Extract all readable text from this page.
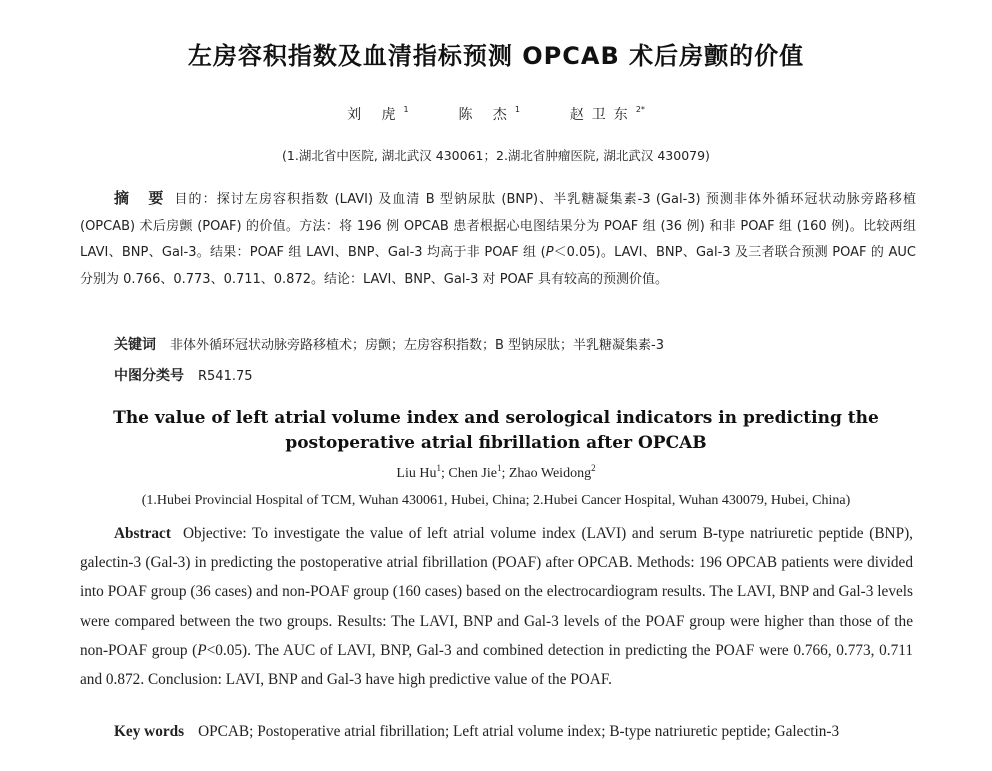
左房容积指数及血清指标预测 OPCAB 术后房颤的价值
刘 虎$^1$	陈 杰$^1$	赵卫东$^{2*}$
(1.湖北省中医院, 湖北武汉 430061；2.湖北省肿瘤医院, 湖北武汉 430079)
摘 要 目的：探讨左房容积指数 (LAVI) 及血清 B 型钠尿肽 (BNP)、半乳糖凝集素-3 (Gal-3) 预测非体外循环冠状动脉旁路移植 (OPCAB) 术后房颤 (POAF) 的价值。方法：将 196 例 OPCAB 患者根据心电图结果分为 POAF 组 (36 例) 和非 POAF 组 (160 例)。比较两组 LAVI、BNP、Gal-3。结果：POAF 组 LAVI、BNP、Gal-3 均高于非 POAF 组 (P＜0.05)。LAVI、BNP、Gal-3 及三者联合预测 POAF 的 AUC 分别为 0.766、0.773、0.711、0.872。结论：LAVI、BNP、Gal-3 对 POAF 具有较高的预测价值。
关键词 非体外循环冠状动脉旁路移植术；房颤；左房容积指数；B 型钠尿肽；半乳糖凝集素-3
中图分类号 R541.75
The value of left atrial volume index and serological indicators in predicting the postoperative atrial fibrillation after OPCAB
Liu Hu$^1$; Chen Jie$^1$; Zhao Weidong$^2$
(1.Hubei Provincial Hospital of TCM, Wuhan 430061, Hubei, China; 2.Hubei Cancer Hospital, Wuhan 430079, Hubei, China)
Abstract Objective: To investigate the value of left atrial volume index (LAVI) and serum B-type natriuretic peptide (BNP), galectin-3 (Gal-3) in predicting the postoperative atrial fibrillation (POAF) after OPCAB. Methods: 196 OPCAB patients were divided into POAF group (36 cases) and non-POAF group (160 cases) based on the electrocardiogram results. The LAVI, BNP and Gal-3 levels were compared between the two groups. Results: The LAVI, BNP and Gal-3 levels of the POAF group were higher than those of the non-POAF group (P<0.05). The AUC of LAVI, BNP, Gal-3 and combined detection in predicting the POAF were 0.766, 0.773, 0.711 and 0.872. Conclusion: LAVI, BNP and Gal-3 have high predictive value of the POAF.
Key words OPCAB; Postoperative atrial fibrillation; Left atrial volume index; B-type natriuretic peptide; Galectin-3
